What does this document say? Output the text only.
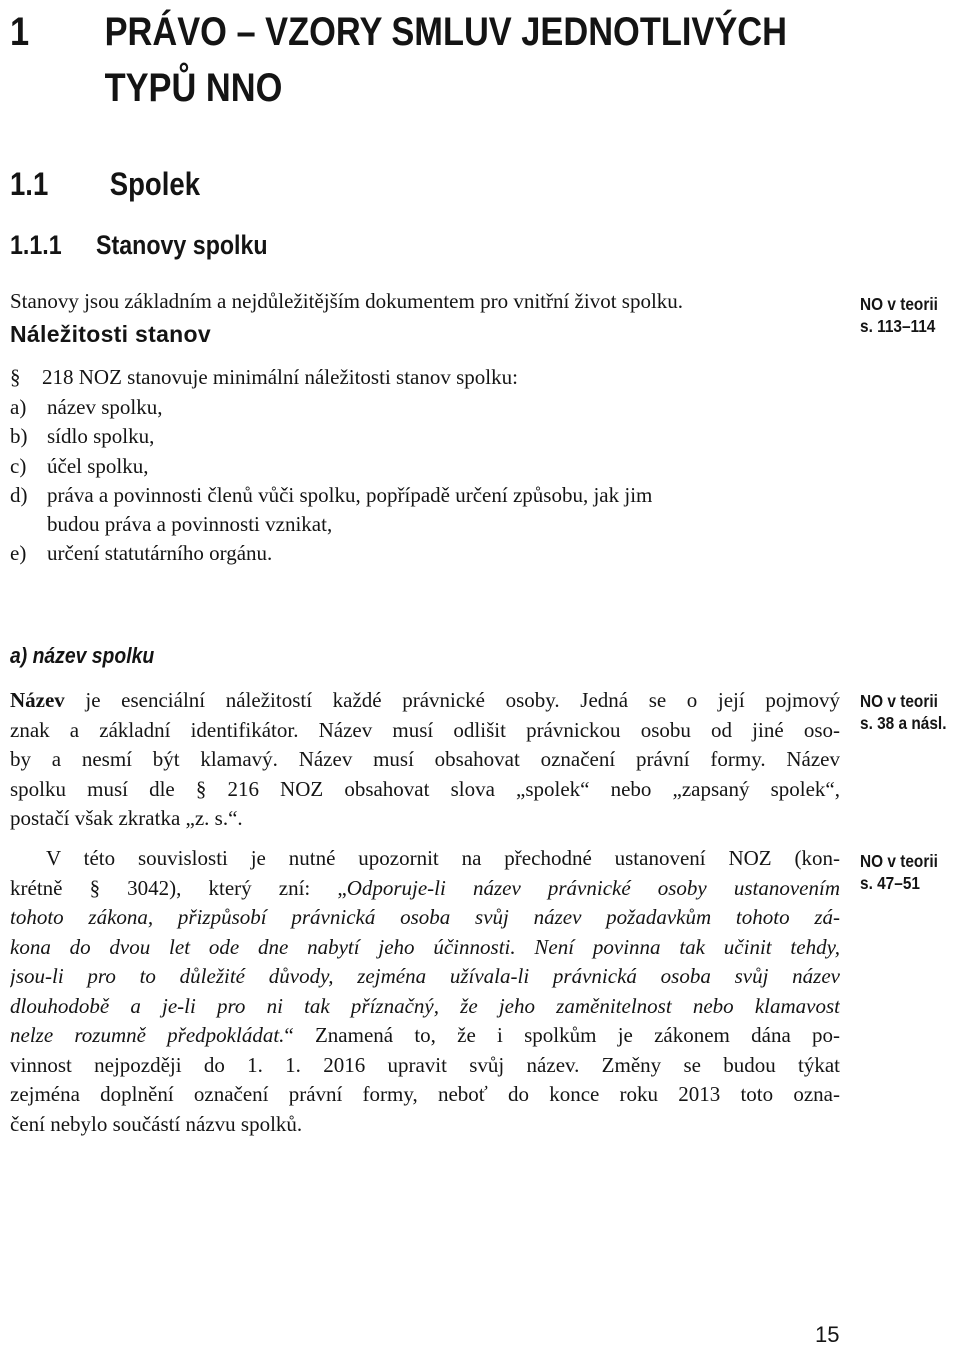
1 PRÁVO – VZORY SMLUV JEDNOTLIVÝCH
TYPŮ NNO
1.1 Spolek
1.1.1 Stanovy spolku
Stanovy jsou základním a nejdůležitějším dokumentem pro vnitřní život spolku.	NO v teorii
s. 113–114
Náležitosti stanov
§ 218 NOZ stanovuje minimální náležitosti stanov spolku:
a) název spolku,
b) sídlo spolku,
c) účel spolku,
d) práva a povinnosti členů vůči spolku, popřípadě určení způsobu, jak jim
budou práva a povinnosti vznikat,
e) určení statutárního orgánu.
a) název spolku
NO v teorii
s. 38 a násl.
NO v teorii
s. 47–51
Název je esenciální náležitostí každé právnické osoby. Jedná se o její pojmový
znak a základní identifikátor. Název musí odlišit právnickou osobu od jiné oso-
by a nesmí být klamavý. Název musí obsahovat označení právní formy. Název
spolku musí dle § 216 NOZ obsahovat slova „spolek“ nebo „zapsaný spolek“,
postačí však zkratka „z. s.“.
V této souvislosti je nutné upozornit na přechodné ustanovení NOZ (kon-
krétně § 3042), který zní: „Odporuje-li název právnické osoby ustanovením
tohoto zákona, přizpůsobí právnická osoba svůj název požadavkům tohoto zá-
kona do dvou let ode dne nabytí jeho účinnosti. Není povinna tak učinit tehdy,
jsou-li pro to důležité důvody, zejména užívala-li právnická osoba svůj název
dlouhodobě a je-li pro ni tak příznačný, že jeho zaměnitelnost nebo klamavost
nelze rozumně předpokládat.“ Znamená to, že i spolkům je zákonem dána po-
vinnost nejpozději do 1. 1. 2016 upravit svůj název. Změny se budou týkat
zejména doplnění označení právní formy, neboť do konce roku 2013 toto ozna-
čení nebylo součástí názvu spolků.
15
